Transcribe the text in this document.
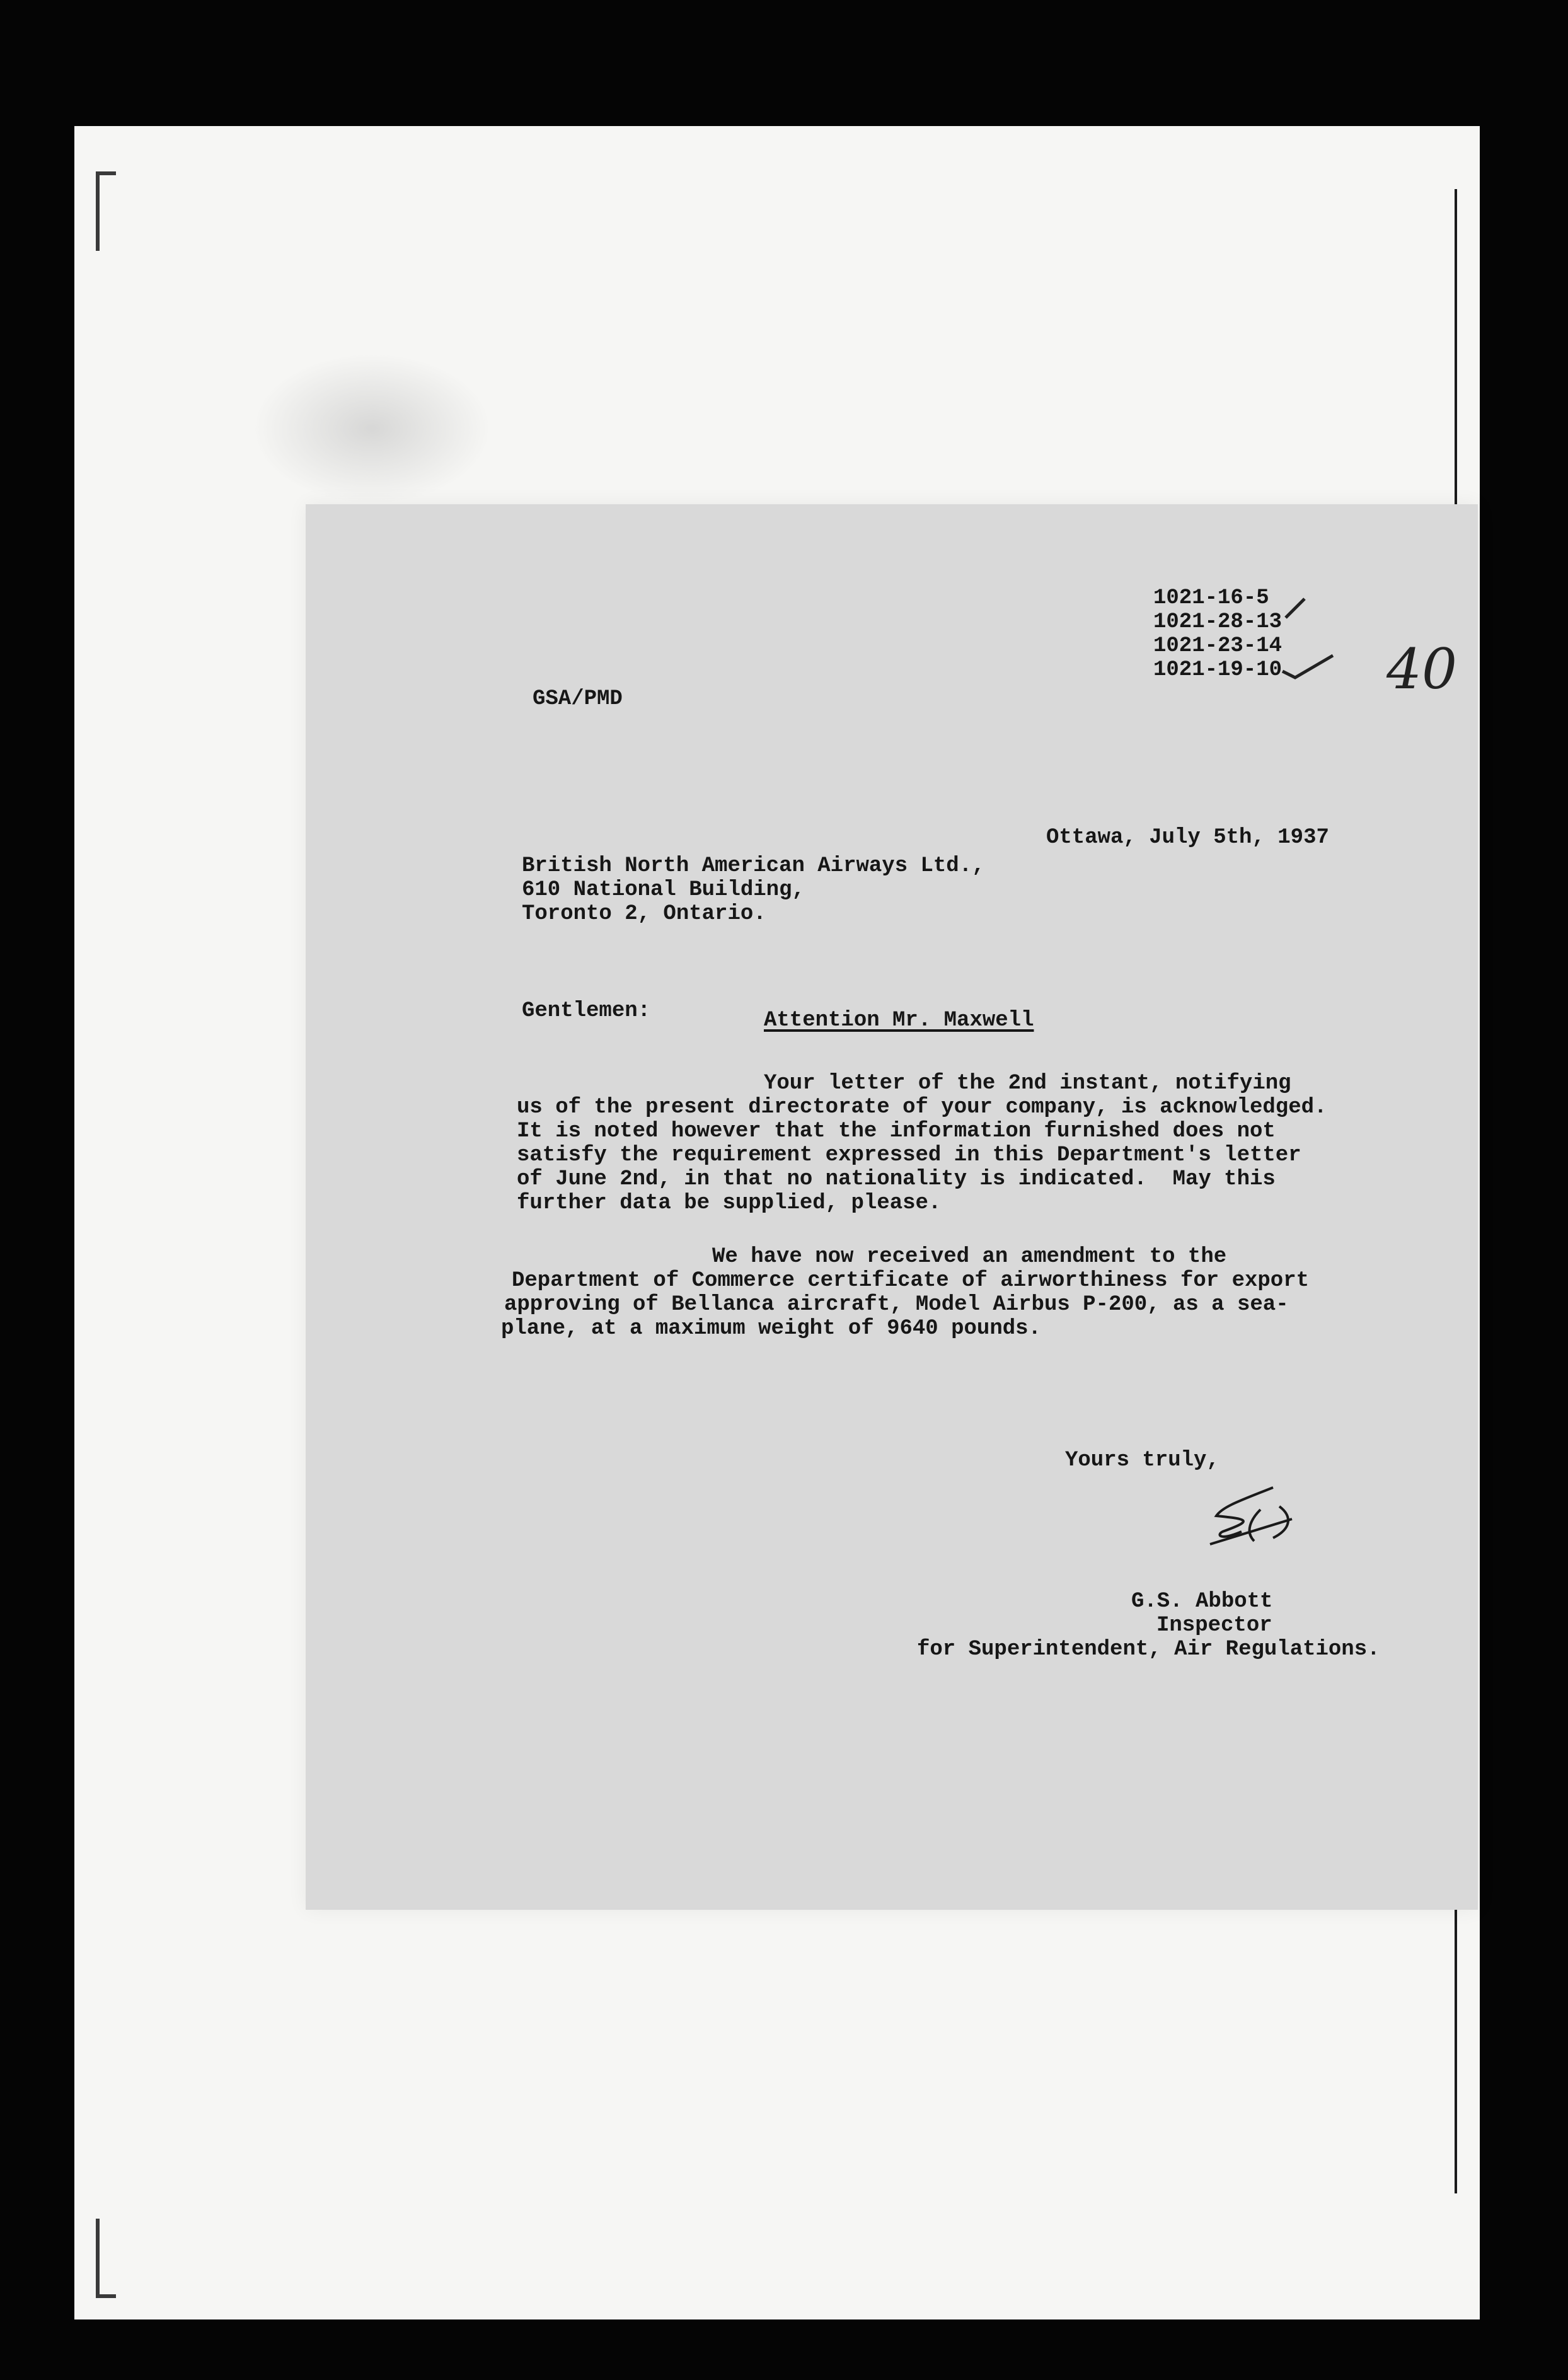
1021-16-5
1021-28-13
1021-23-14
1021-19-10 40
GSA/PMD
Ottawa, July 5th, 1937
British North American Airways Ltd.,
610 National Building,
Toronto 2, Ontario.
Gentlemen:	Attention Mr. Maxwell
Your letter of the 2nd instant, notifying
us of the present directorate of your company, is acknowledged.
It is noted however that the information furnished does not
satisfy the requirement expressed in this Department's letter
of June 2nd, in that no nationality is indicated.  May this
further data be supplied, please.
We have now received an amendment to the
Department of Commerce certificate of airworthiness for export
approving of Bellanca aircraft, Model Airbus P-200, as a sea-
plane, at a maximum weight of 9640 pounds.
Yours truly,
G.S. Abbott
Inspector
for Superintendent, Air Regulations.
